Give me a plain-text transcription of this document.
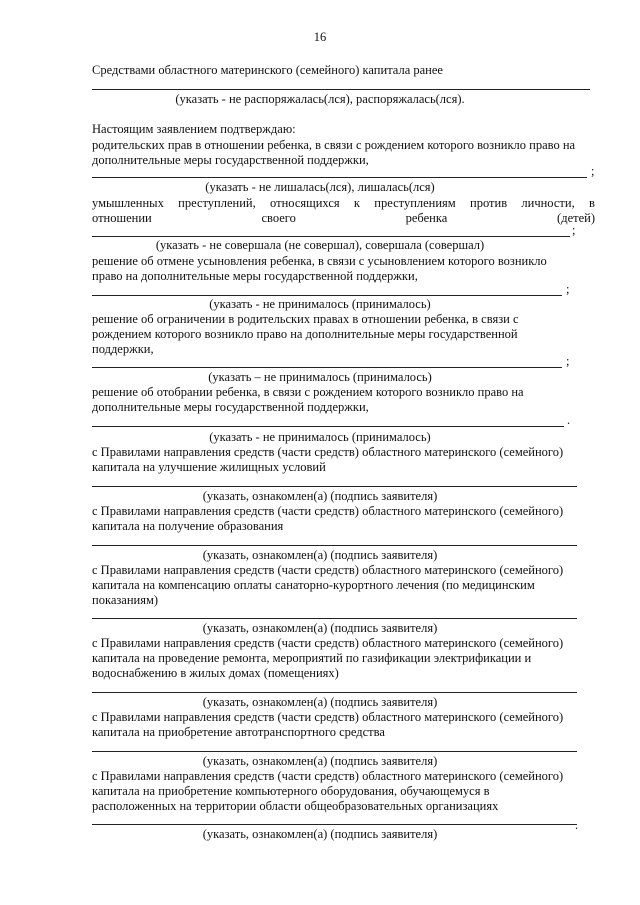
16
Средствами областного материнского (семейного) капитала ранее
(указать - не распоряжалась(лся), распоряжалась(лся).
Настоящим заявлением подтверждаю:
родительских прав в отношении ребенка, в связи с рождением которого возникло право на
дополнительные меры государственной поддержки,
;
(указать - не лишалась(лся), лишалась(лся)
умышленных преступлений, относящихся к преступлениям против личности, в
отношении	своего	ребенка	(детей)
;
(указать - не совершала (не совершал), совершала (совершал)
решение об отмене усыновления ребенка, в связи с усыновлением которого возникло
право на дополнительные меры государственной поддержки,
;
(указать - не принималось (принималось)
решение об ограничении в родительских правах в отношении ребенка, в связи с
рождением которого возникло право на дополнительные меры государственной
поддержки,
;
(указать – не принималось (принималось)
решение об отобрании ребенка, в связи с рождением которого возникло право на
дополнительные меры государственной поддержки,
.
(указать - не принималось (принималось)
с Правилами направления средств (части средств) областного материнского (семейного)
капитала на улучшение жилищных условий
(указать, ознакомлен(а) (подпись заявителя)
с Правилами направления средств (части средств) областного материнского (семейного)
капитала на получение образования
(указать, ознакомлен(а) (подпись заявителя)
с Правилами направления средств (части средств) областного материнского (семейного)
капитала на компенсацию оплаты санаторно-курортного лечения (по медицинским
показаниям)
(указать, ознакомлен(а) (подпись заявителя)
с Правилами направления средств (части средств) областного материнского (семейного)
капитала на проведение ремонта, мероприятий по газификации электрификации и
водоснабжению в жилых домах (помещениях)
(указать, ознакомлен(а) (подпись заявителя)
с Правилами направления средств (части средств) областного материнского (семейного)
капитала на приобретение автотранспортного средства
(указать, ознакомлен(а) (подпись заявителя)
с Правилами направления средств (части средств) областного материнского (семейного)
капитала на приобретение компьютерного оборудования, обучающемуся в
расположенных на территории области общеобразовательных организациях
.
(указать, ознакомлен(а) (подпись заявителя)
